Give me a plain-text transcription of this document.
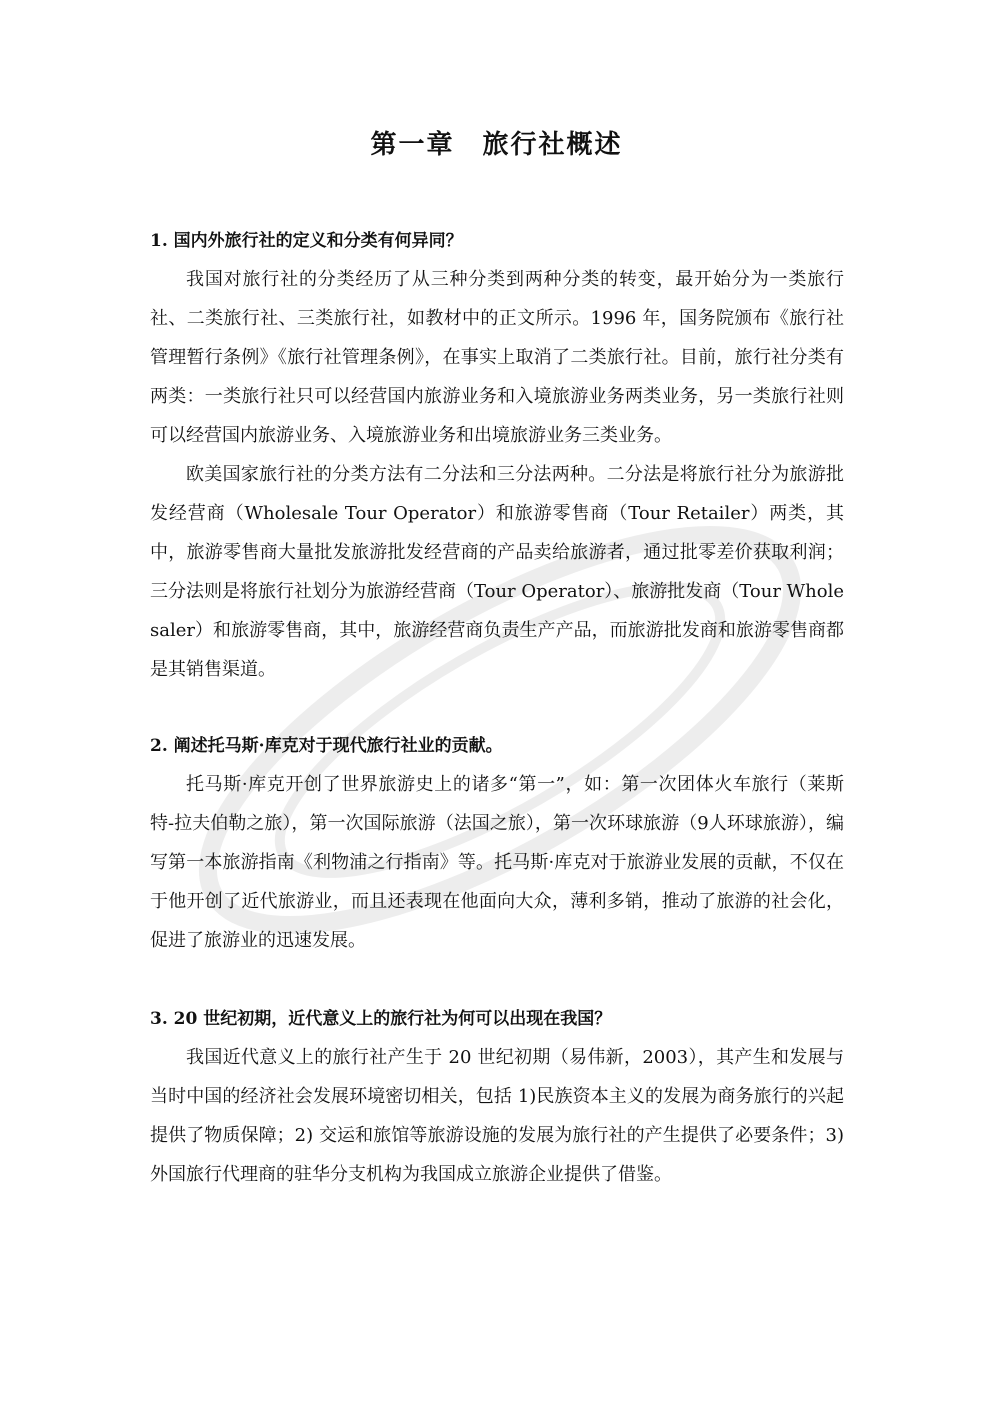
第一章 旅行社概述

1. 国内外旅行社的定义和分类有何异同？

我国对旅行社的分类经历了从三种分类到两种分类的转变，最开始分为一类旅行社、二类旅行社、三类旅行社，如教材中的正文所示。1996 年，国务院颁布《旅行社管理暂行条例》《旅行社管理条例》，在事实上取消了二类旅行社。目前，旅行社分类有两类：一类旅行社只可以经营国内旅游业务和入境旅游业务两类业务，另一类旅行社则可以经营国内旅游业务、入境旅游业务和出境旅游业务三类业务。

欧美国家旅行社的分类方法有二分法和三分法两种。二分法是将旅行社分为旅游批发经营商（Wholesale Tour Operator）和旅游零售商（Tour Retailer）两类，其中，旅游零售商大量批发旅游批发经营商的产品卖给旅游者，通过批零差价获取利润；三分法则是将旅行社划分为旅游经营商（Tour Operator）、旅游批发商（Tour Wholesaler）和旅游零售商，其中，旅游经营商负责生产产品，而旅游批发商和旅游零售商都是其销售渠道。

2. 阐述托马斯·库克对于现代旅行社业的贡献。

托马斯·库克开创了世界旅游史上的诸多“第一”，如：第一次团体火车旅行（莱斯特-拉夫伯勒之旅），第一次国际旅游（法国之旅），第一次环球旅游（9人环球旅游），编写第一本旅游指南《利物浦之行指南》等。托马斯·库克对于旅游业发展的贡献，不仅在于他开创了近代旅游业，而且还表现在他面向大众，薄利多销，推动了旅游的社会化，促进了旅游业的迅速发展。

3. 20 世纪初期，近代意义上的旅行社为何可以出现在我国？

我国近代意义上的旅行社产生于 20 世纪初期（易伟新，2003），其产生和发展与当时中国的经济社会发展环境密切相关，包括 1)民族资本主义的发展为商务旅行的兴起提供了物质保障；2) 交运和旅馆等旅游设施的发展为旅行社的产生提供了必要条件；3) 外国旅行代理商的驻华分支机构为我国成立旅游企业提供了借鉴。
